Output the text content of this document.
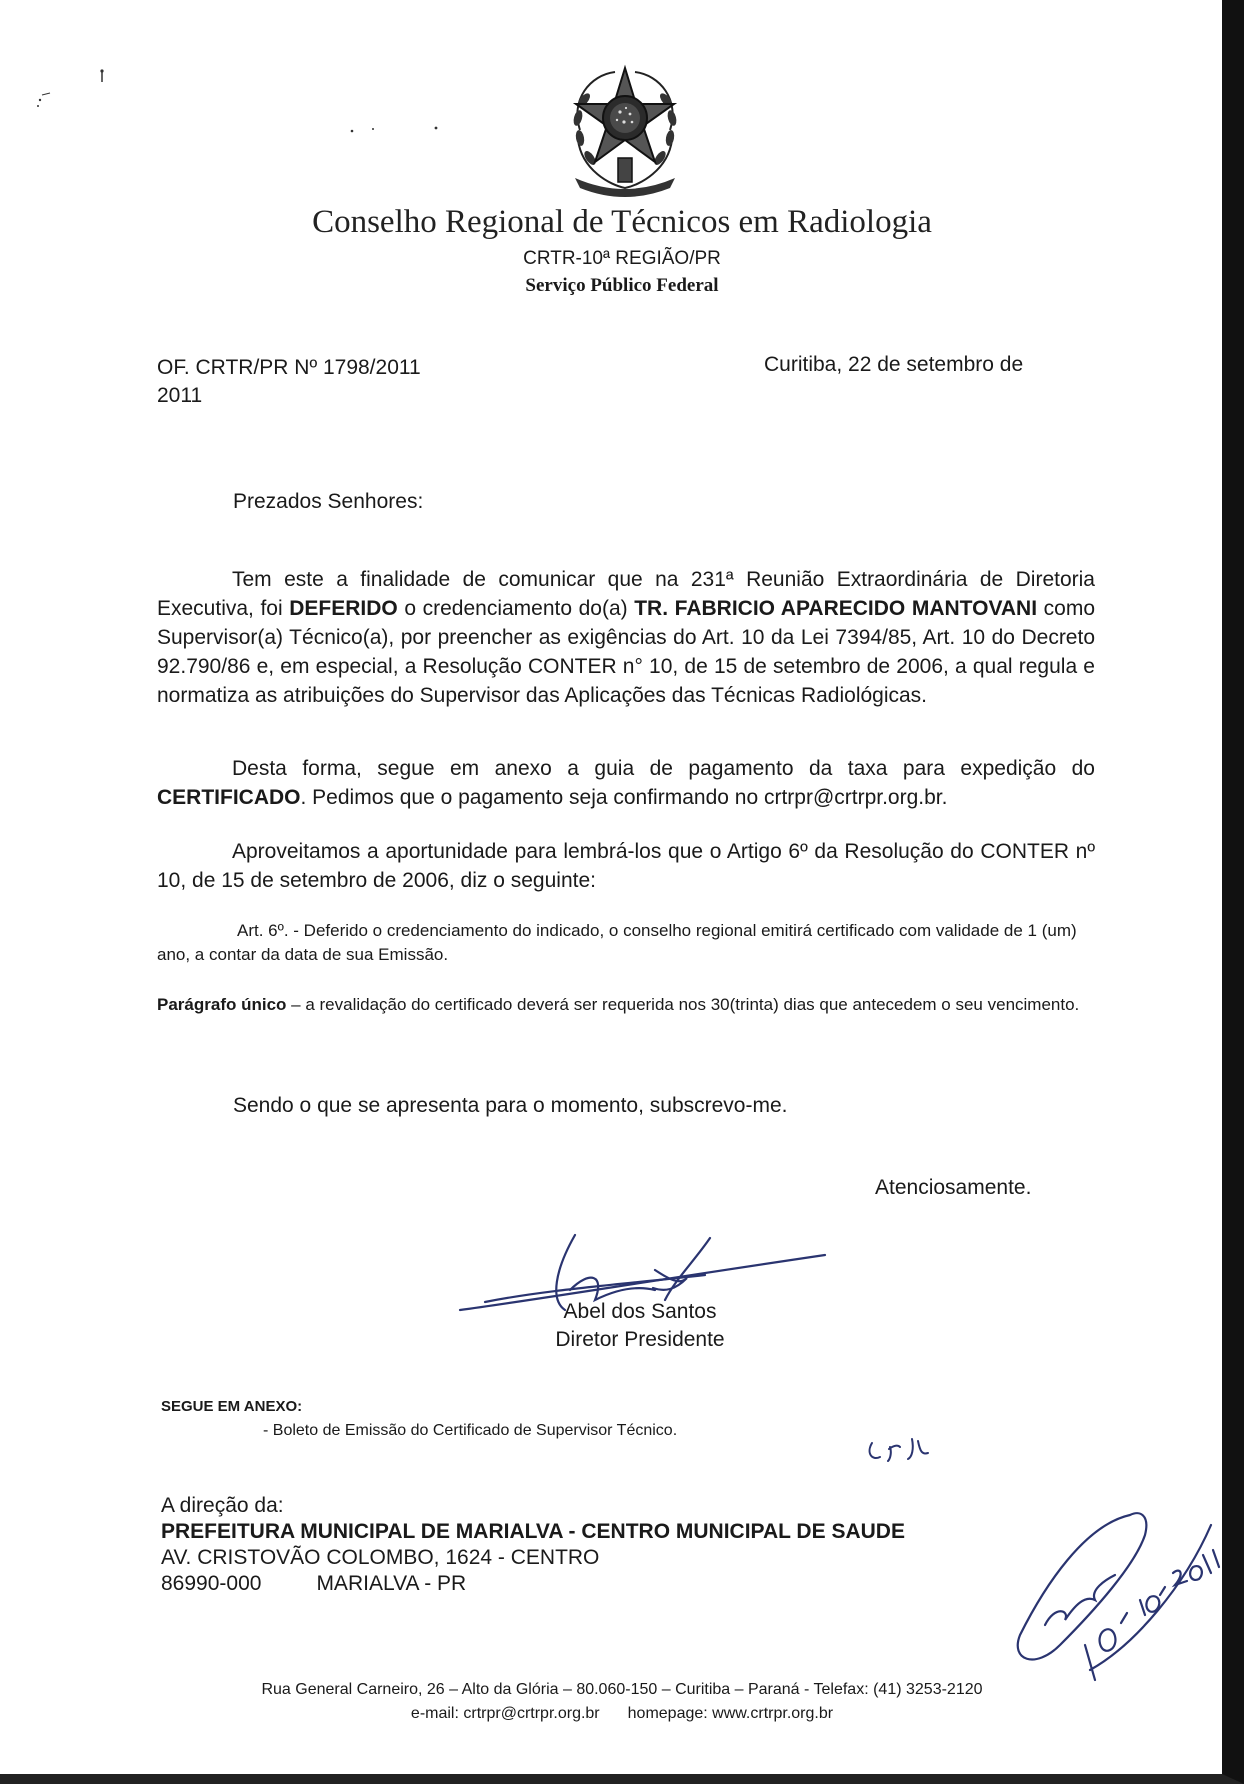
Conselho Regional de Técnicos em Radiologia
CRTR-10ª REGIÃO/PR
Serviço Público Federal
OF. CRTR/PR Nº 1798/2011
2011
Curitiba, 22 de setembro de
Prezados Senhores:

Tem este a finalidade de comunicar que na 231ª Reunião Extraordinária de Diretoria Executiva, foi DEFERIDO o credenciamento do(a) TR. FABRICIO APARECIDO MANTOVANI como Supervisor(a) Técnico(a), por preencher as exigências do Art. 10 da Lei 7394/85, Art. 10 do Decreto 92.790/86 e, em especial, a Resolução CONTER n° 10, de 15 de setembro de 2006, a qual regula e normatiza as atribuições do Supervisor das Aplicações das Técnicas Radiológicas.

Desta forma, segue em anexo a guia de pagamento da taxa para expedição do CERTIFICADO. Pedimos que o pagamento seja confirmando no crtrpr@crtrpr.org.br.

Aproveitamos a aportunidade para lembrá-los que o Artigo 6º da Resolução do CONTER nº 10, de 15 de setembro de 2006, diz o seguinte:

Art. 6º. - Deferido o credenciamento do indicado, o conselho regional emitirá certificado com validade de 1 (um) ano, a contar da data de sua Emissão.

Parágrafo único – a revalidação do certificado deverá ser requerida nos 30(trinta) dias que antecedem o seu vencimento.
Sendo o que se apresenta para o momento, subscrevo-me.
Atenciosamente.
Abel dos Santos
Diretor Presidente
SEGUE EM ANEXO:
- Boleto de Emissão do Certificado de Supervisor Técnico.
A direção da:
PREFEITURA MUNICIPAL DE MARIALVA - CENTRO MUNICIPAL DE SAUDE
AV. CRISTOVÃO COLOMBO, 1624 - CENTRO
86990-000	MARIALVA - PR
Rua General Carneiro, 26 – Alto da Glória – 80.060-150 – Curitiba – Paraná - Telefax: (41) 3253-2120
e-mail: crtrpr@crtrpr.org.br homepage: www.crtrpr.org.br
